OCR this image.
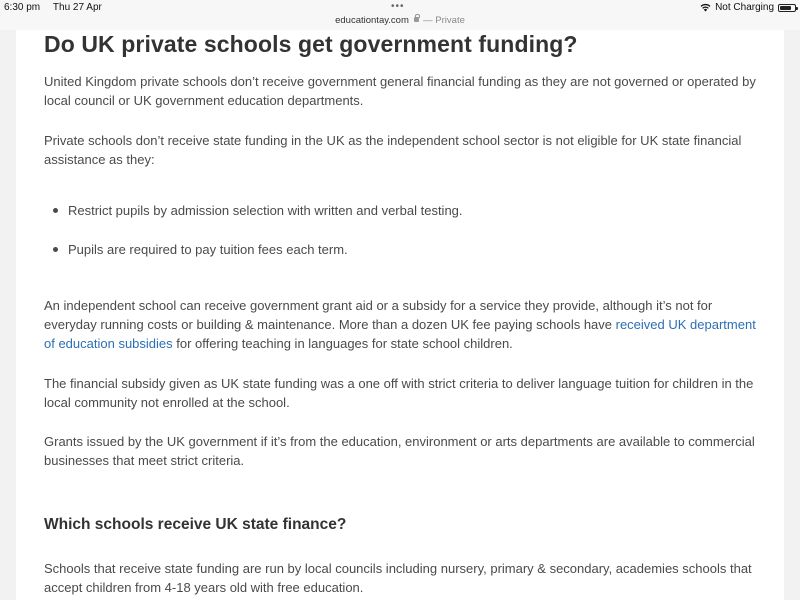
6:30 pm Thu 27 Apr	•••
educationtay.com — Private
Not Charging
Do UK private schools get government funding?

United Kingdom private schools don’t receive government general financial funding as they are not governed or operated by local council or UK government education departments.

Private schools don’t receive state funding in the UK as the independent school sector is not eligible for UK state financial assistance as they:

Restrict pupils by admission selection with written and verbal testing.
Pupils are required to pay tuition fees each term.

An independent school can receive government grant aid or a subsidy for a service they provide, although it’s not for everyday running costs or building & maintenance. More than a dozen UK fee paying schools have received UK department of education subsidies for offering teaching in languages for state school children.

The financial subsidy given as UK state funding was a one off with strict criteria to deliver language tuition for children in the local community not enrolled at the school.

Grants issued by the UK government if it’s from the education, environment or arts departments are available to commercial businesses that meet strict criteria.

Which schools receive UK state finance?

Schools that receive state funding are run by local councils including nursery, primary & secondary, academies schools that accept children from 4-18 years old with free education.
